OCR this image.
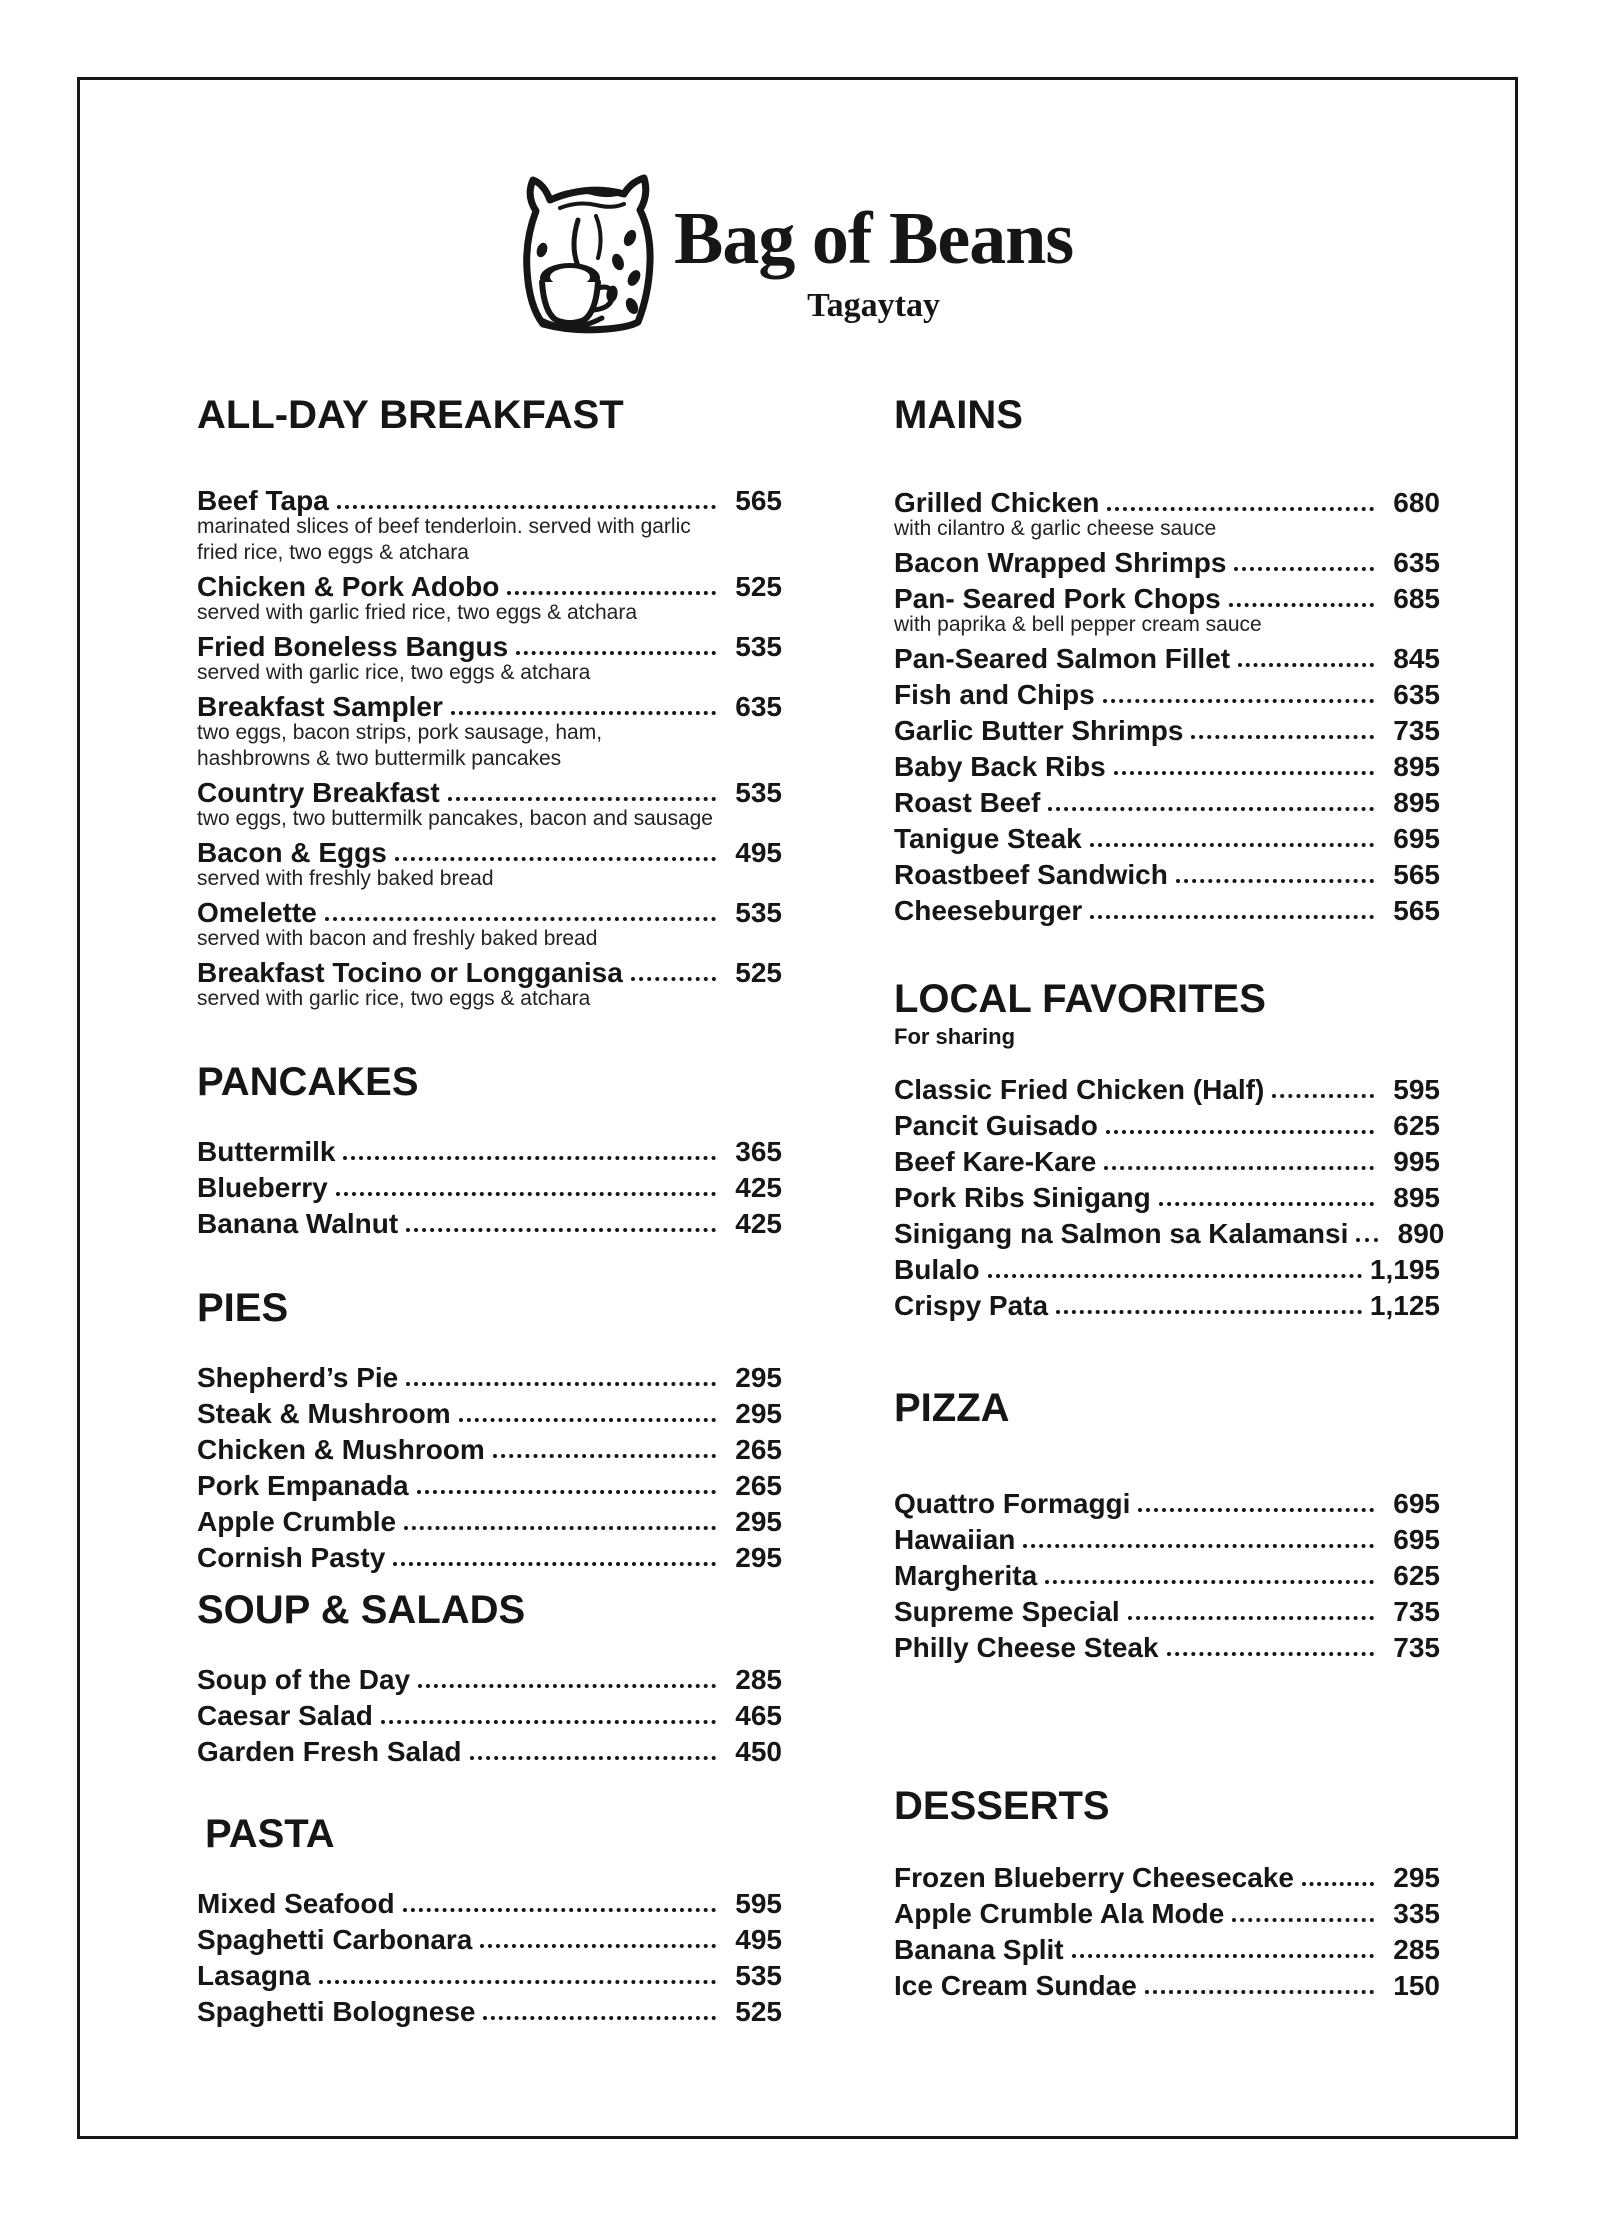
Bag of Beans
Tagaytay
ALL-DAY BREAKFAST
Beef Tapa	565
marinated slices of beef tenderloin. served with garlic fried rice, two eggs & atchara
Chicken & Pork Adobo	525
served with garlic fried rice, two eggs & atchara
Fried Boneless Bangus	535
served with garlic rice, two eggs & atchara
Breakfast Sampler	635
two eggs, bacon strips, pork sausage, ham, hashbrowns & two buttermilk pancakes
Country Breakfast	535
two eggs, two buttermilk pancakes, bacon and sausage
Bacon & Eggs	495
served with freshly baked bread
Omelette	535
served with bacon and freshly baked bread
Breakfast Tocino or Longganisa	525
served with garlic rice, two eggs & atchara
PANCAKES
Buttermilk	365
Blueberry	425
Banana Walnut	425
PIES
Shepherd’s Pie	295
Steak & Mushroom	295
Chicken & Mushroom	265
Pork Empanada	265
Apple Crumble	295
Cornish Pasty	295
SOUP & SALADS
Soup of the Day	285
Caesar Salad	465
Garden Fresh Salad	450
PASTA
Mixed Seafood	595
Spaghetti Carbonara	495
Lasagna	535
Spaghetti Bolognese	525
MAINS
Grilled Chicken	680
with cilantro & garlic cheese sauce
Bacon Wrapped Shrimps	635
Pan- Seared Pork Chops	685
with paprika & bell pepper cream sauce
Pan-Seared Salmon Fillet	845
Fish and Chips	635
Garlic Butter Shrimps	735
Baby Back Ribs	895
Roast Beef	895
Tanigue Steak	695
Roastbeef Sandwich	565
Cheeseburger	565
LOCAL FAVORITES
For sharing
Classic Fried Chicken (Half)	595
Pancit Guisado	625
Beef Kare-Kare	995
Pork Ribs Sinigang	895
Sinigang na Salmon sa Kalamansi	890
Bulalo	1,195
Crispy Pata	1,125
PIZZA
Quattro Formaggi	695
Hawaiian	695
Margherita	625
Supreme Special	735
Philly Cheese Steak	735
DESSERTS
Frozen Blueberry Cheesecake	295
Apple Crumble Ala Mode	335
Banana Split	285
Ice Cream Sundae	150
